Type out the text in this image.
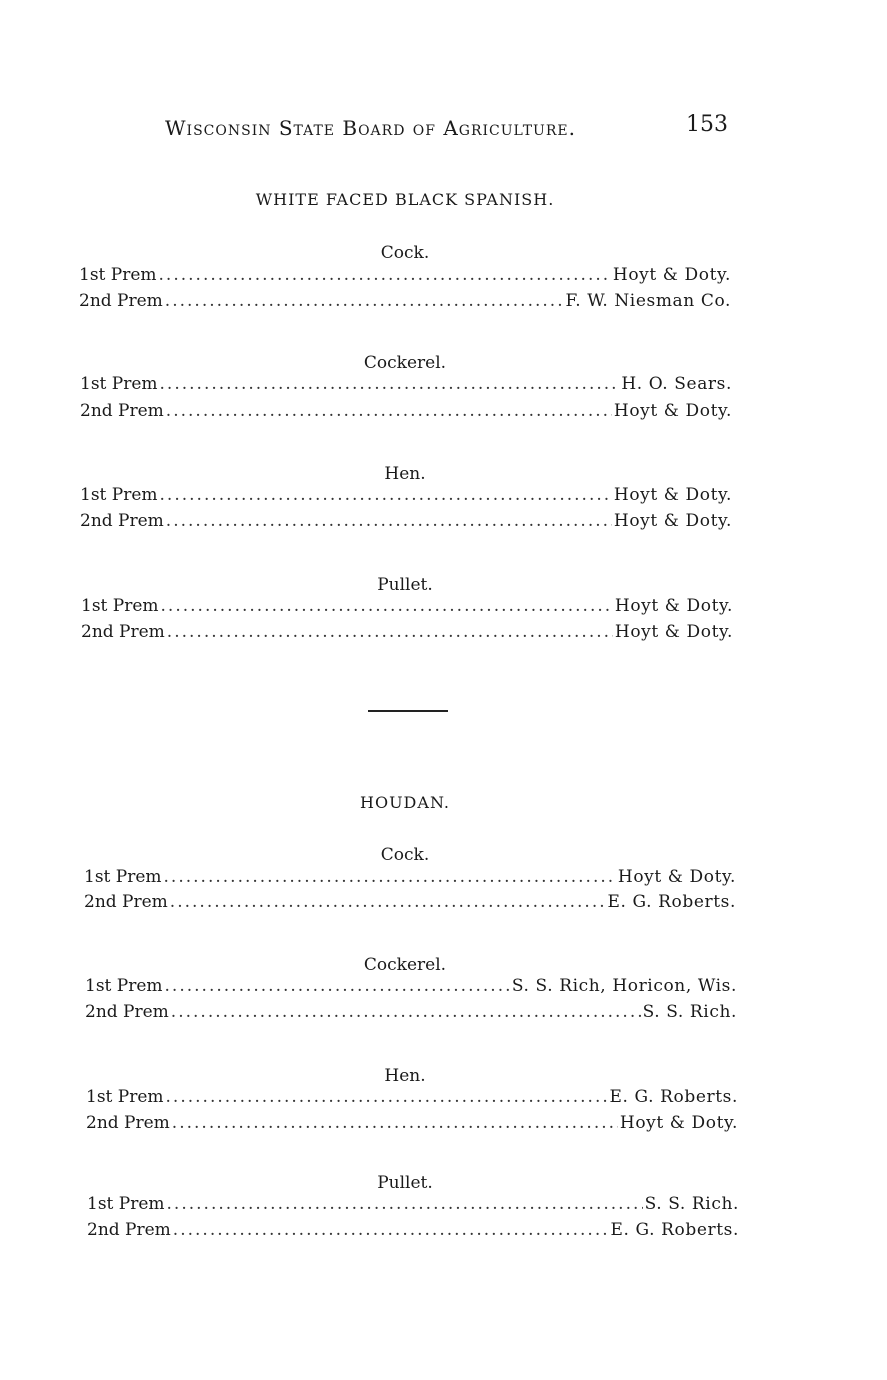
Wisconsin State Board of Agriculture.	153
WHITE FACED BLACK SPANISH.
Cock.
1st Prem .....	Hoyt & Doty.
2nd Prem .....	F. W. Niesman Co.
Cockerel.
1st Prem .....	H. O. Sears.
2nd Prem .....	Hoyt & Doty.
Hen.
1st Prem .....	Hoyt & Doty.
2nd Prem .....	Hoyt & Doty.
Pullet.
1st Prem .....	Hoyt & Doty.
2nd Prem .....	Hoyt & Doty.
HOUDAN.
Cock.
1st Prem .....	Hoyt & Doty.
2nd Prem .....	E. G. Roberts.
Cockerel.
1st Prem .....	S. S. Rich, Horicon, Wis.
2nd Prem .....	S. S. Rich.
Hen.
1st Prem .....	E. G. Roberts.
2nd Prem .....	Hoyt & Doty.
Pullet.
1st Prem .....	S. S. Rich.
2nd Prem .....	E. G. Roberts.
